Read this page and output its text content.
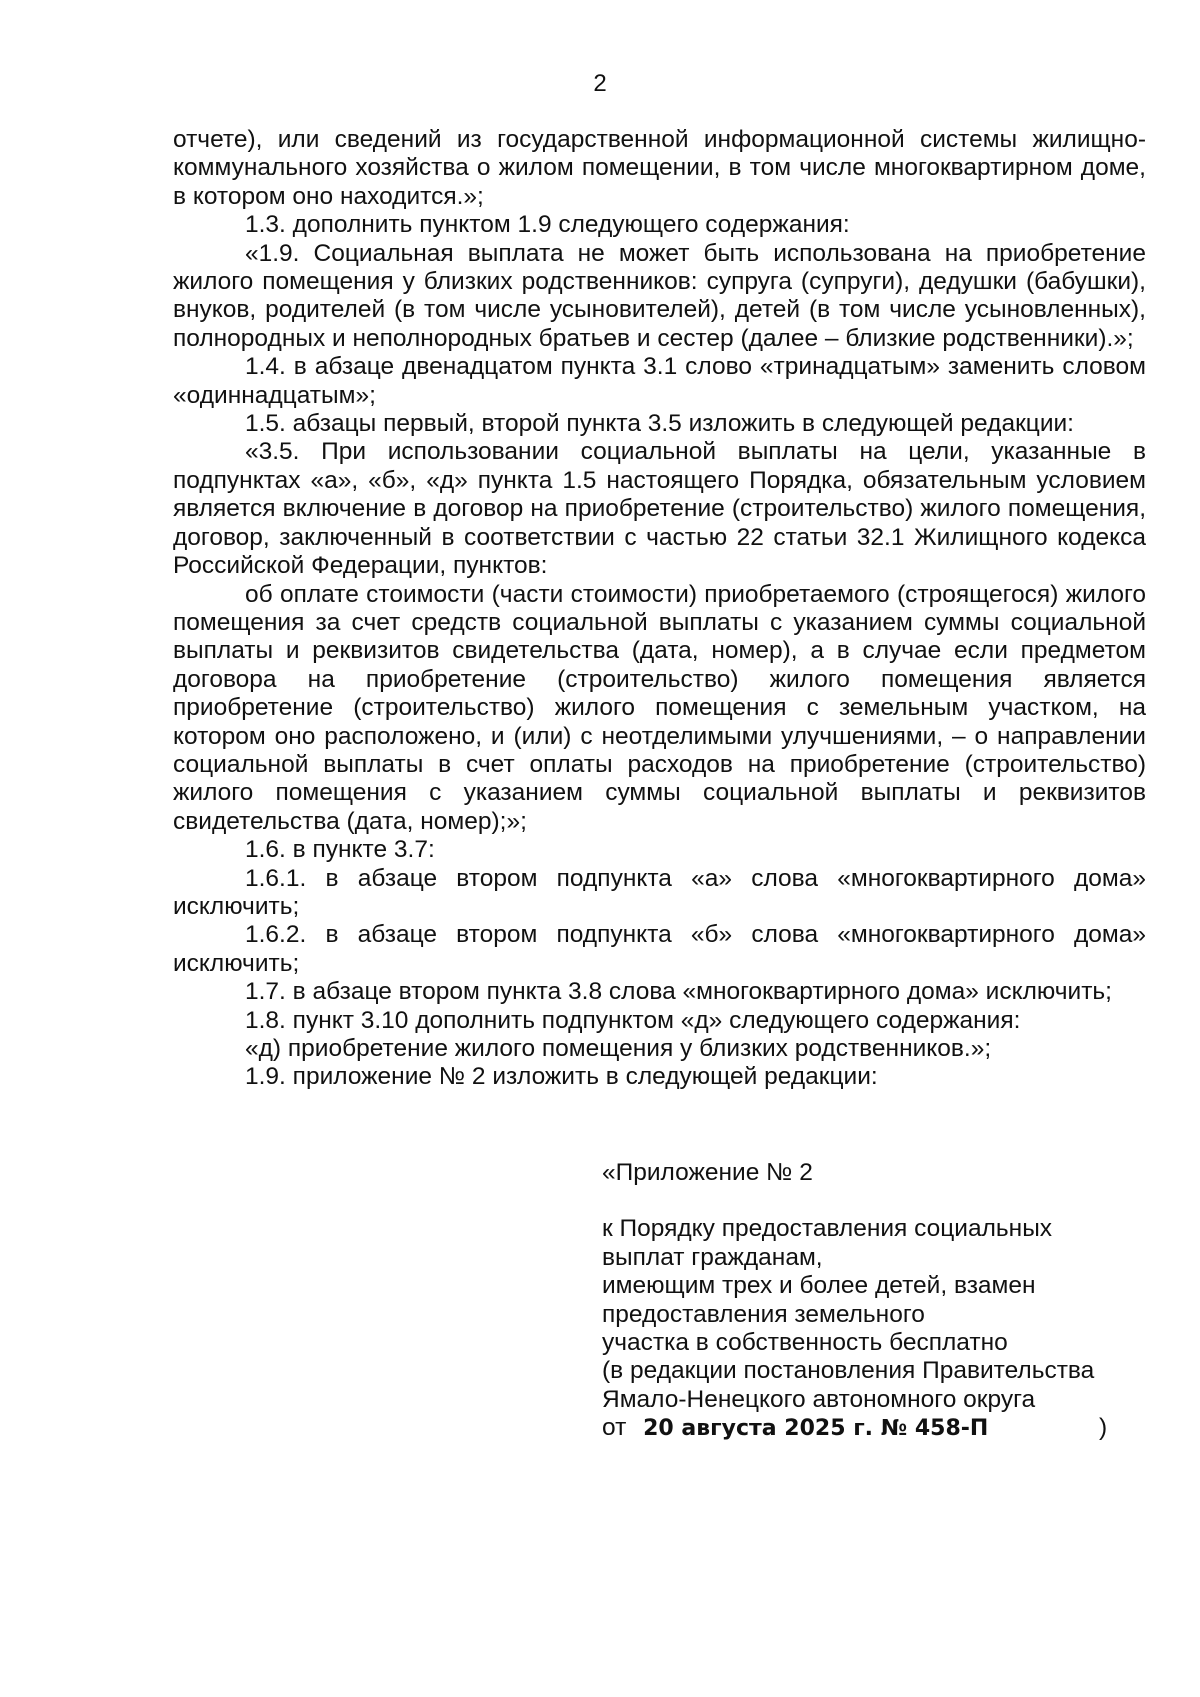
2

отчете), или сведений из государственной информационной системы жилищно-коммунального хозяйства о жилом помещении, в том числе многоквартирном доме, в котором оно находится.»;

1.3. дополнить пунктом 1.9 следующего содержания:

«1.9. Социальная выплата не может быть использована на приобретение жилого помещения у близких родственников: супруга (супруги), дедушки (бабушки), внуков, родителей (в том числе усыновителей), детей (в том числе усыновленных), полнородных и неполнородных братьев и сестер (далее – близкие родственники).»;

1.4. в абзаце двенадцатом пункта 3.1 слово «тринадцатым» заменить словом «одиннадцатым»;

1.5. абзацы первый, второй пункта 3.5 изложить в следующей редакции:

«3.5. При использовании социальной выплаты на цели, указанные в подпунктах «а», «б», «д» пункта 1.5 настоящего Порядка, обязательным условием является включение в договор на приобретение (строительство) жилого помещения, договор, заключенный в соответствии с частью 22 статьи 32.1 Жилищного кодекса Российской Федерации, пунктов:

об оплате стоимости (части стоимости) приобретаемого (строящегося) жилого помещения за счет средств социальной выплаты с указанием суммы социальной выплаты и реквизитов свидетельства (дата, номер), а в случае если предметом договора на приобретение (строительство) жилого помещения является приобретение (строительство) жилого помещения с земельным участком, на котором оно расположено, и (или) с неотделимыми улучшениями, – о направлении социальной выплаты в счет оплаты расходов на приобретение (строительство) жилого помещения с указанием суммы социальной выплаты и реквизитов свидетельства (дата, номер);»;

1.6. в пункте 3.7:

1.6.1. в абзаце втором подпункта «а» слова «многоквартирного дома» исключить;

1.6.2. в абзаце втором подпункта «б» слова «многоквартирного дома» исключить;

1.7. в абзаце втором пункта 3.8 слова «многоквартирного дома» исключить;

1.8. пункт 3.10 дополнить подпунктом «д» следующего содержания:

«д) приобретение жилого помещения у близких родственников.»;

1.9. приложение № 2 изложить в следующей редакции:

«Приложение № 2
к Порядку предоставления социальных
выплат гражданам,
имеющим трех и более детей, взамен
предоставления земельного
участка в собственность бесплатно
(в редакции постановления Правительства
Ямало-Ненецкого автономного округа
от 20 августа 2025 г. № 458-П	)
